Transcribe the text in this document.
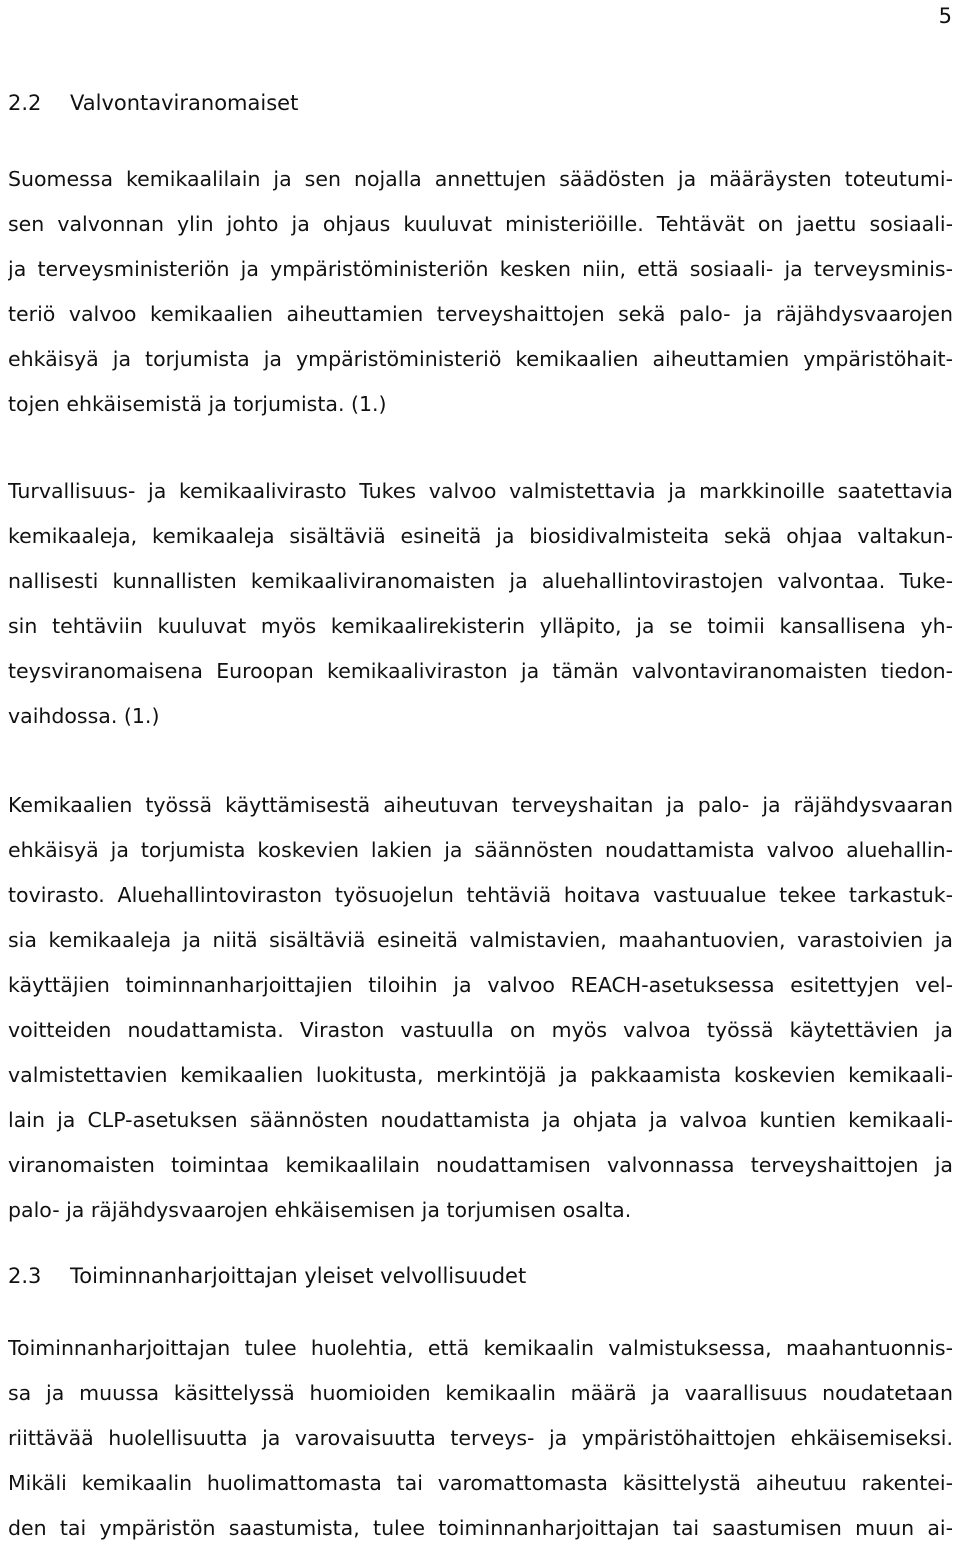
5
2.2 Valvontaviranomaiset
Suomessa kemikaalilain ja sen nojalla annettujen säädösten ja määräysten toteutumi-
sen valvonnan ylin johto ja ohjaus kuuluvat ministeriöille. Tehtävät on jaettu sosiaali-
ja terveysministeriön ja ympäristöministeriön kesken niin, että sosiaali- ja terveysminis-
teriö valvoo kemikaalien aiheuttamien terveyshaittojen sekä palo- ja räjähdysvaarojen
ehkäisyä ja torjumista ja ympäristöministeriö kemikaalien aiheuttamien ympäristöhait-
tojen ehkäisemistä ja torjumista. (1.)
Turvallisuus- ja kemikaalivirasto Tukes valvoo valmistettavia ja markkinoille saatettavia
kemikaaleja, kemikaaleja sisältäviä esineitä ja biosidivalmisteita sekä ohjaa valtakun-
nallisesti kunnallisten kemikaaliviranomaisten ja aluehallintovirastojen valvontaa. Tuke-
sin tehtäviin kuuluvat myös kemikaalirekisterin ylläpito, ja se toimii kansallisena yh-
teysviranomaisena Euroopan kemikaaliviraston ja tämän valvontaviranomaisten tiedon-
vaihdossa. (1.)
Kemikaalien työssä käyttämisestä aiheutuvan terveyshaitan ja palo- ja räjähdysvaaran
ehkäisyä ja torjumista koskevien lakien ja säännösten noudattamista valvoo aluehallin-
tovirasto. Aluehallintoviraston työsuojelun tehtäviä hoitava vastuualue tekee tarkastuk-
sia kemikaaleja ja niitä sisältäviä esineitä valmistavien, maahantuovien, varastoivien ja
käyttäjien toiminnanharjoittajien tiloihin ja valvoo REACH-asetuksessa esitettyjen vel-
voitteiden noudattamista. Viraston vastuulla on myös valvoa työssä käytettävien ja
valmistettavien kemikaalien luokitusta, merkintöjä ja pakkaamista koskevien kemikaali-
lain ja CLP-asetuksen säännösten noudattamista ja ohjata ja valvoa kuntien kemikaali-
viranomaisten toimintaa kemikaalilain noudattamisen valvonnassa terveyshaittojen ja
palo- ja räjähdysvaarojen ehkäisemisen ja torjumisen osalta.
2.3 Toiminnanharjoittajan yleiset velvollisuudet
Toiminnanharjoittajan tulee huolehtia, että kemikaalin valmistuksessa, maahantuonnis-
sa ja muussa käsittelyssä huomioiden kemikaalin määrä ja vaarallisuus noudatetaan
riittävää huolellisuutta ja varovaisuutta terveys- ja ympäristöhaittojen ehkäisemiseksi.
Mikäli kemikaalin huolimattomasta tai varomattomasta käsittelystä aiheutuu rakentei-
den tai ympäristön saastumista, tulee toiminnanharjoittajan tai saastumisen muun ai-
